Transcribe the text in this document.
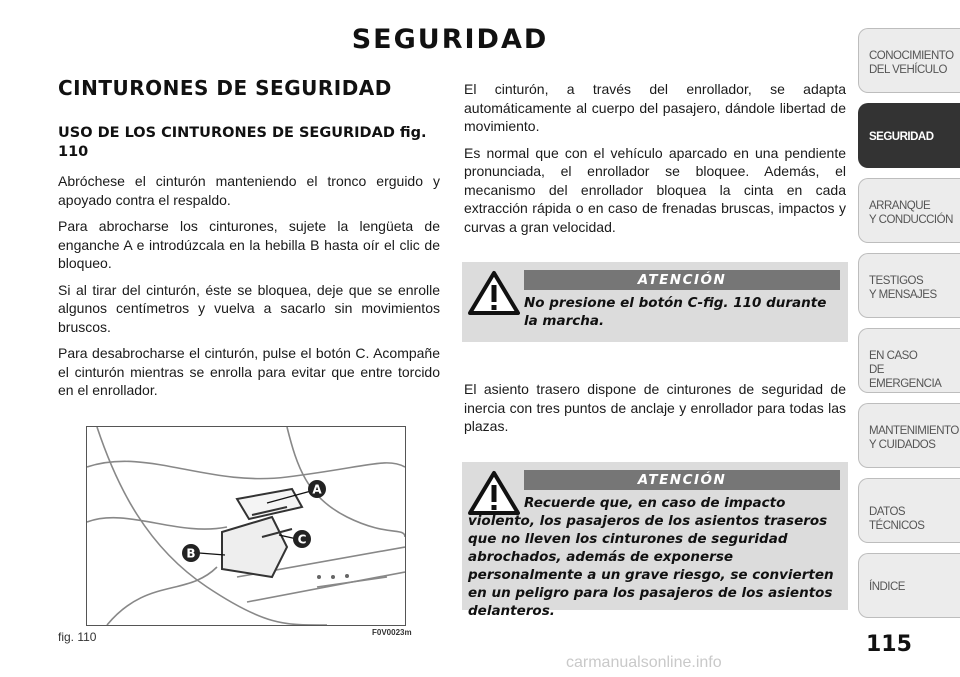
SEGURIDAD
CINTURONES DE SEGURIDAD
USO DE LOS CINTURONES DE SEGURIDAD fig. 110

Abróchese el cinturón manteniendo el tronco erguido y apoyado contra el respaldo.

Para abrocharse los cinturones, sujete la lengüeta de enganche A e introdúzcala en la hebilla B hasta oír el clic de bloqueo.

Si al tirar del cinturón, éste se bloquea, deje que se enrolle algunos centímetros y vuelva a sacarlo sin movimientos bruscos.

Para desabrocharse el cinturón, pulse el botón C. Acompañe el cinturón mientras se enrolla para evitar que entre torcido en el enrollador.

El cinturón, a través del enrollador, se adapta automáticamente al cuerpo del pasajero, dándole libertad de movimiento.

Es normal que con el vehículo aparcado en una pendiente pronunciada, el enrollador se bloquee. Además, el mecanismo del enrollador bloquea la cinta en cada extracción rápida o en caso de frenadas bruscas, impactos y curvas a gran velocidad.

ATENCIÓN
No presione el botón C-fig. 110 durante la marcha.
El asiento trasero dispone de cinturones de seguridad de inercia con tres puntos de anclaje y enrollador para todas las plazas.
ATENCIÓN
Recuerde que, en caso de impacto violento, los pasajeros de los asientos traseros que no lleven los cinturones de seguridad abrochados, además de exponerse personalmente a un grave riesgo, se convierten en un peligro para los pasajeros de los asientos delanteros.
A
C
B
fig. 110	F0V0023m	115
CONOCIMIENTO
DEL VEHÍCULO
SEGURIDAD
ARRANQUE
Y CONDUCCIÓN
TESTIGOS
Y MENSAJES
EN CASO
DE EMERGENCIA
MANTENIMIENTO
Y CUIDADOS
DATOS TÉCNICOS
ÍNDICE
carmanualsonline.info
